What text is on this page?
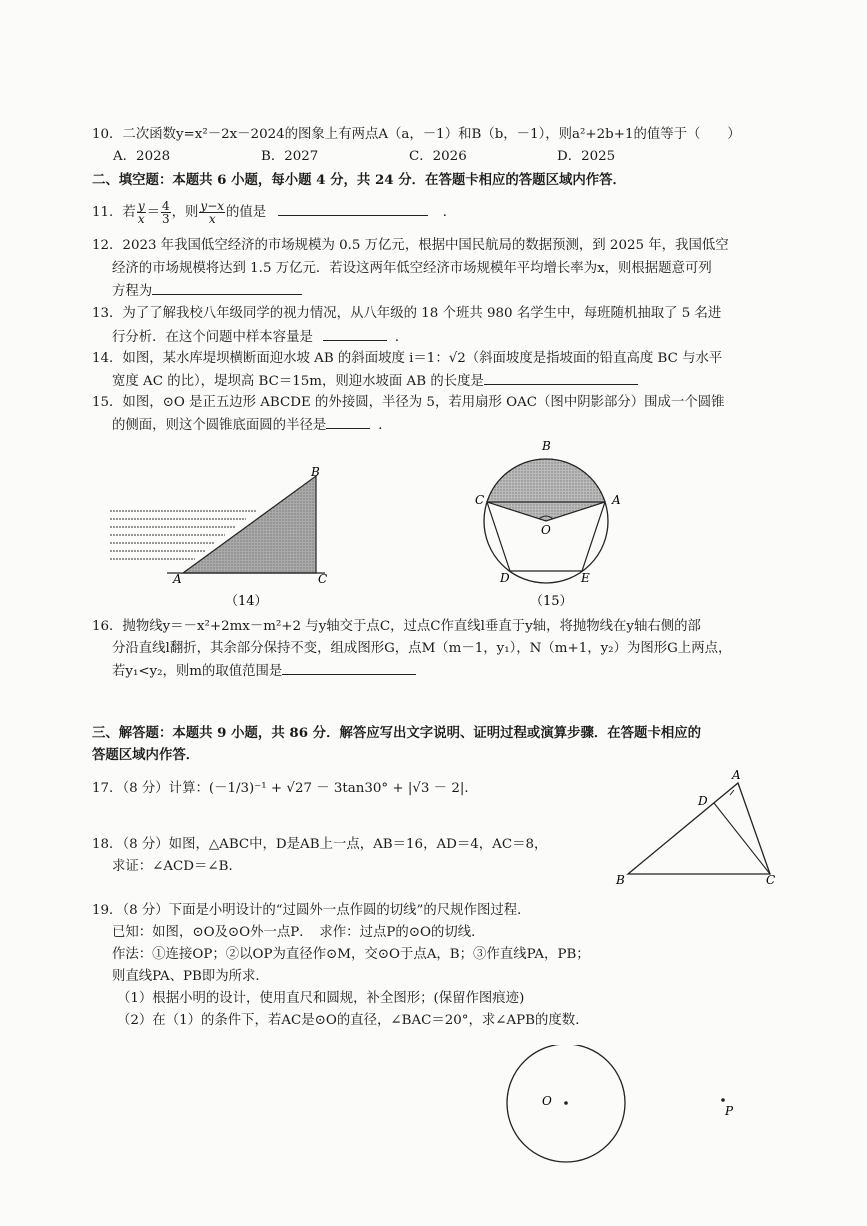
10．二次函数y=x²－2x－2024的图象上有两点A（a，－1）和B（b，－1），则a²+2b+1的值等于（　　）
A．2028	B．2027	C．2026	D．2025
二、填空题：本题共 6 小题，每小题 4 分，共 24 分．在答题卡相应的答题区域内作答．
11．若 $\frac{y}{x} = \frac{4}{3}$ ，则 $\frac{y-x}{x}$ 的值是	．
12．2023 年我国低空经济的市场规模为 0.5 万亿元，根据中国民航局的数据预测，到 2025 年，我国低空
经济的市场规模将达到 1.5 万亿元．若设这两年低空经济市场规模年平均增长率为x，则根据题意可列
方程为
13．为了了解我校八年级同学的视力情况，从八年级的 18 个班共 980 名学生中，每班随机抽取了 5 名进
行分析．在这个问题中样本容量是	．
14．如图，某水库堤坝横断面迎水坡 AB 的斜面坡度 i＝1：√2（斜面坡度是指坡面的铅直高度 BC 与水平
宽度 AC 的比），堤坝高 BC＝15m，则迎水坡面 AB 的长度是
15．如图，⊙O 是正五边形 ABCDE 的外接圆，半径为 5，若用扇形 OAC（图中阴影部分）围成一个圆锥
的侧面，则这个圆锥底面圆的半径是	．
B
A	C
（14）
B
C	A
O
D	E
（15）
16．抛物线y＝－x²+2mx－m²+2 与y轴交于点C，过点C作直线l垂直于y轴，将抛物线在y轴右侧的部
分沿直线l翻折，其余部分保持不变，组成图形G，点M（m－1，y₁），N（m+1，y₂）为图形G上两点，
若y₁<y₂，则m的取值范围是
三、解答题：本题共 9 小题，共 86 分．解答应写出文字说明、证明过程或演算步骤．在答题卡相应的
答题区域内作答．
17．（8 分）计算：(－1/3)⁻¹ + √27 － 3tan30° + |√3 － 2|．
18．（8 分）如图，△ABC中，D是AB上一点，AB＝16，AD＝4，AC＝8，
求证：∠ACD＝∠B．
A
D
B	C
19．（8 分）下面是小明设计的“过圆外一点作圆的切线”的尺规作图过程．
已知：如图，⊙O及⊙O外一点P．　求作：过点P的⊙O的切线．
作法：①连接OP；②以OP为直径作⊙M，交⊙O于点A，B；③作直线PA，PB；
则直线PA、PB即为所求．
（1）根据小明的设计，使用直尺和圆规，补全图形；(保留作图痕迹)
（2）在（1）的条件下，若AC是⊙O的直径，∠BAC＝20°，求∠APB的度数．
O
P
